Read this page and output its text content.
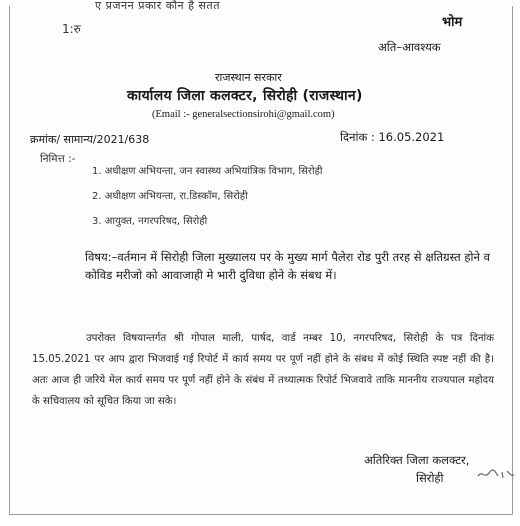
ए प्रजनन प्रकार कौन है सतत
1:रु	भोम
अति–आवश्यक
राजस्थान सरकार
कार्यालय जिला कलक्टर, सिरोही (राजस्थान)
(Email :- generalsectionsirohi@gmail.com)
क्रमांक/ सामान्य/2021/638	दिनांक : 16.05.2021
निमित्त :-
1. अधीक्षण अभियन्ता, जन स्वास्थ्य अभियांत्रिक विभाग, सिरोही
2. अधीक्षण अभियन्ता, रा.डिस्कॉम, सिरोही
3. आयुक्त, नगरपरिषद, सिरोही
विषय:–वर्तमान में सिरोही जिला मुख्यालय पर के मुख्य मार्ग पैलेरा रोड पुरी तरह से क्षतिग्रस्त होने व कोविड मरीजो को आवाजाही मे भारी दुविधा होने के संबध में।
उपरोक्त विषयान्तर्गत श्री गोपाल माली, पार्षद, वार्ड नम्बर 10, नगरपरिषद, सिरोही के पत्र दिनांक 15.05.2021 पर आप द्वारा भिजवाई गई रिपोर्ट में कार्य समय पर पूर्ण नहीं होने के संबध में कोई स्थिति स्पष्ट नहीं की है। अतः आज ही जरिये मेल कार्य समय पर पूर्ण नहीं होने के संबंध में तथ्यात्मक रिपोर्ट भिजवावे ताकि माननीय राज्यपाल महोदय के सचिवालय को सूचित किया जा सके।
अतिरिक्त जिला कलक्टर,
सिरोही
